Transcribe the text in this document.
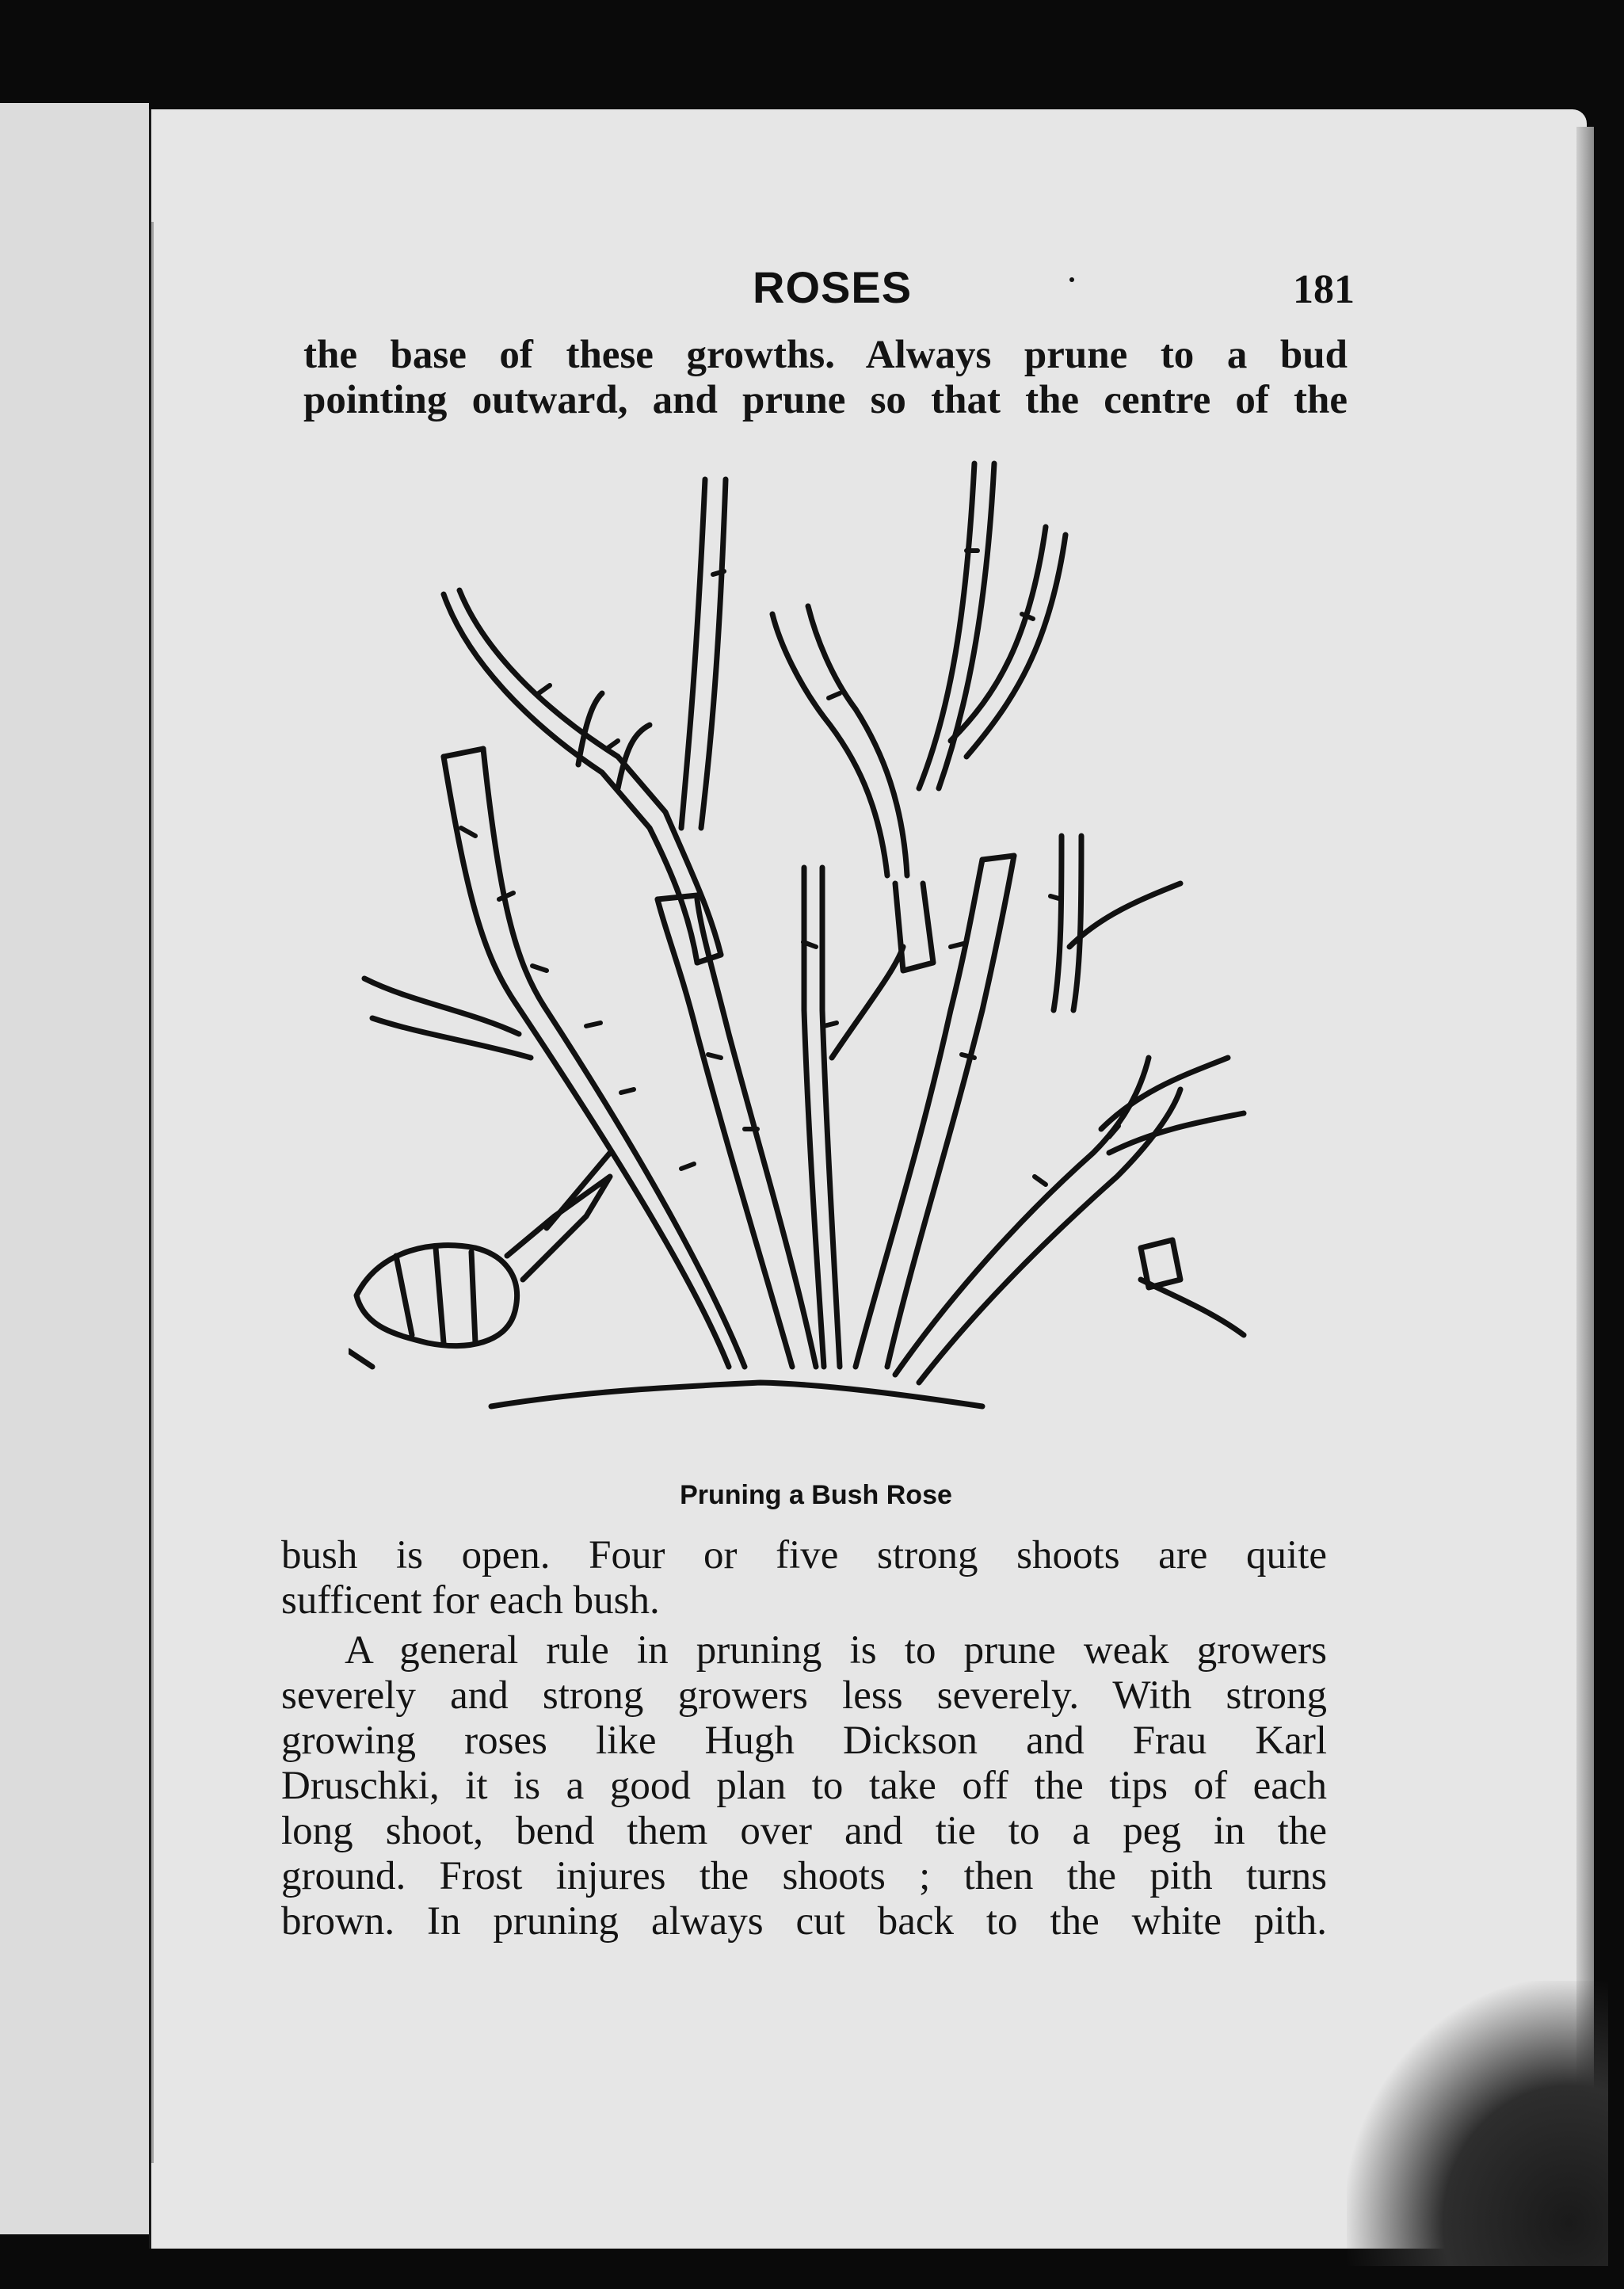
ROSES	181

the base of these growths. Always prune to a bud
pointing outward, and prune so that the centre of the

Pruning a Bush Rose

bush is open. Four or five strong shoots are quite
sufficent for each bush.

A general rule in pruning is to prune weak growers
severely and strong growers less severely. With strong
growing roses like Hugh Dickson and Frau Karl
Druschki, it is a good plan to take off the tips of each
long shoot, bend them over and tie to a peg in the
ground. Frost injures the shoots ; then the pith turns
brown. In pruning always cut back to the white pith.
